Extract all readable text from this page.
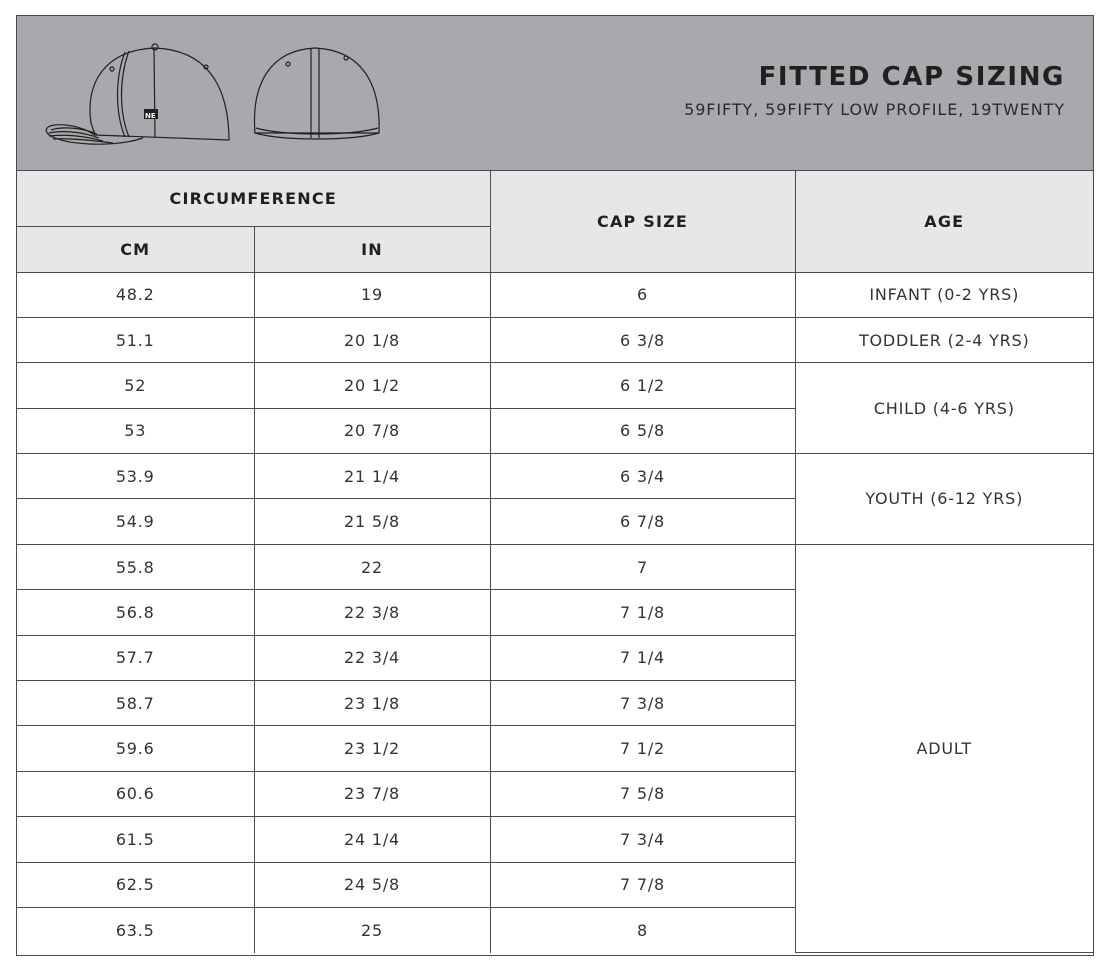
NE
FITTED CAP SIZING
59FIFTY, 59FIFTY LOW PROFILE, 19TWENTY
CIRCUMFERENCE		CAP SIZE	AGE
CM	IN		
48.2	19	6	INFANT (0-2 YRS)
51.1	20 1/8	6 3/8	TODDLER (2-4 YRS)
52	20 1/2	6 1/2	CHILD (4-6 YRS)
53	20 7/8	6 5/8	
53.9	21 1/4	6 3/4	YOUTH (6-12 YRS)
54.9	21 5/8	6 7/8	
55.8	22	7	ADULT
56.8	22 3/8	7 1/8	
57.7	22 3/4	7 1/4	
58.7	23 1/8	7 3/8	
59.6	23 1/2	7 1/2	
60.6	23 7/8	7 5/8	
61.5	24 1/4	7 3/4	
62.5	24 5/8	7 7/8	
63.5	25	8	
